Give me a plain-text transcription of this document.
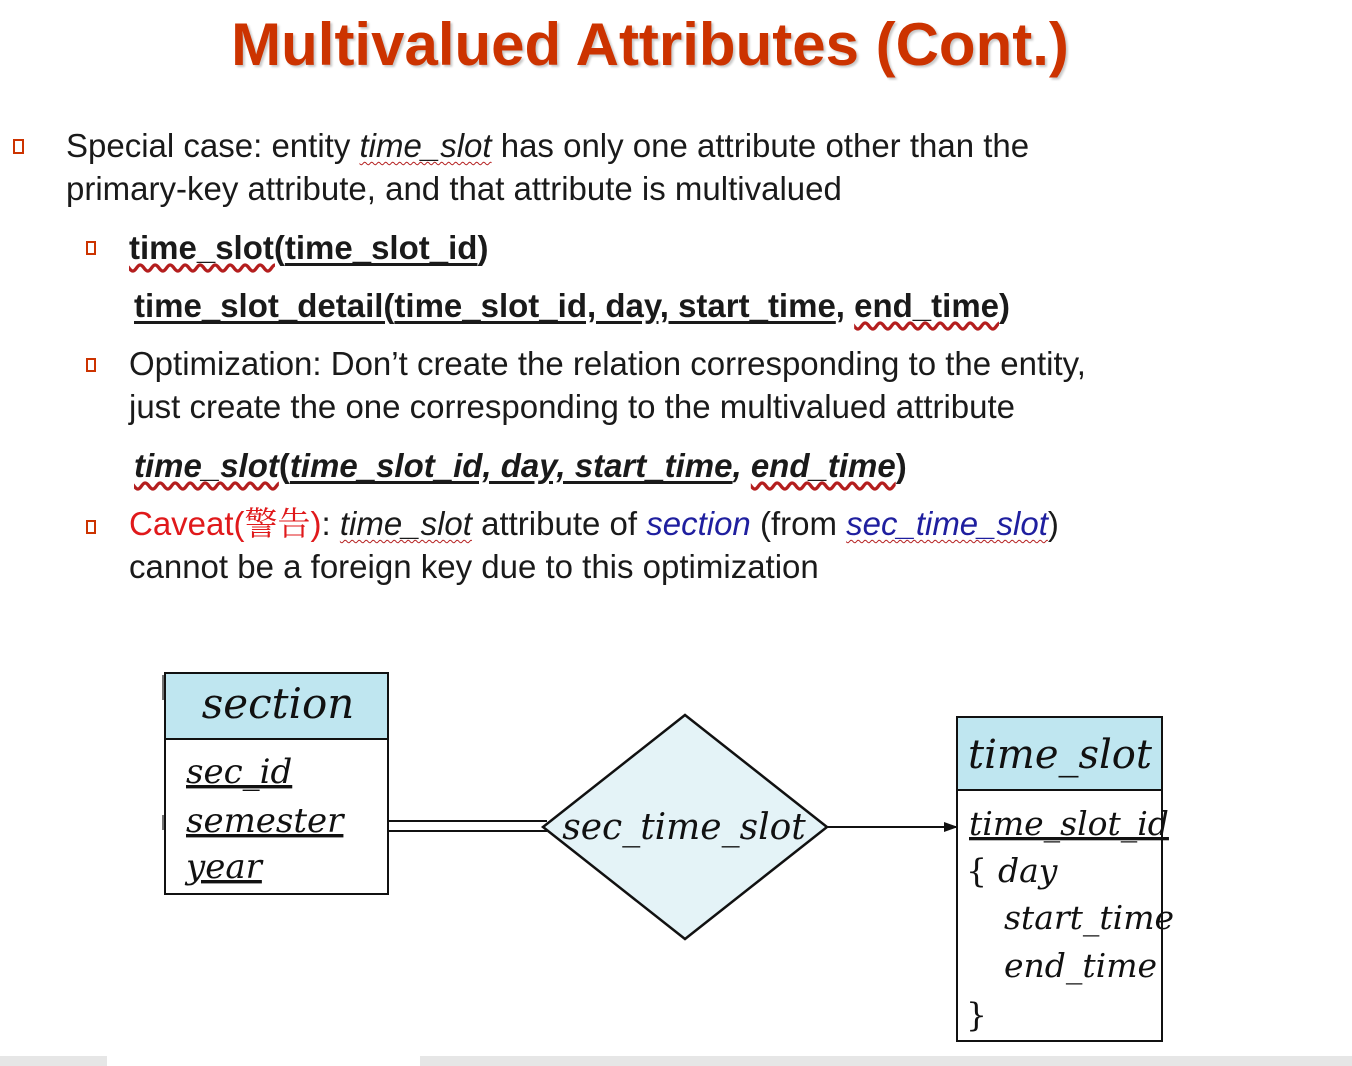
Multivalued Attributes (Cont.)
Special case: entity time_slot has only one attribute other than the
primary-key attribute, and that attribute is multivalued
time_slot(time_slot_id)
time_slot_detail(time_slot_id, day, start_time, end_time)
Optimization: Don’t create the relation corresponding to the entity,
just create the one corresponding to the multivalued attribute
time_slot(time_slot_id, day, start_time, end_time)
Caveat(警告): time_slot attribute of section (from sec_time_slot)
cannot be a foreign key due to this optimization
section
sec_id
semester
year
sec_time_slot
time_slot
time_slot_id
{ day
start_time
end_time
}
